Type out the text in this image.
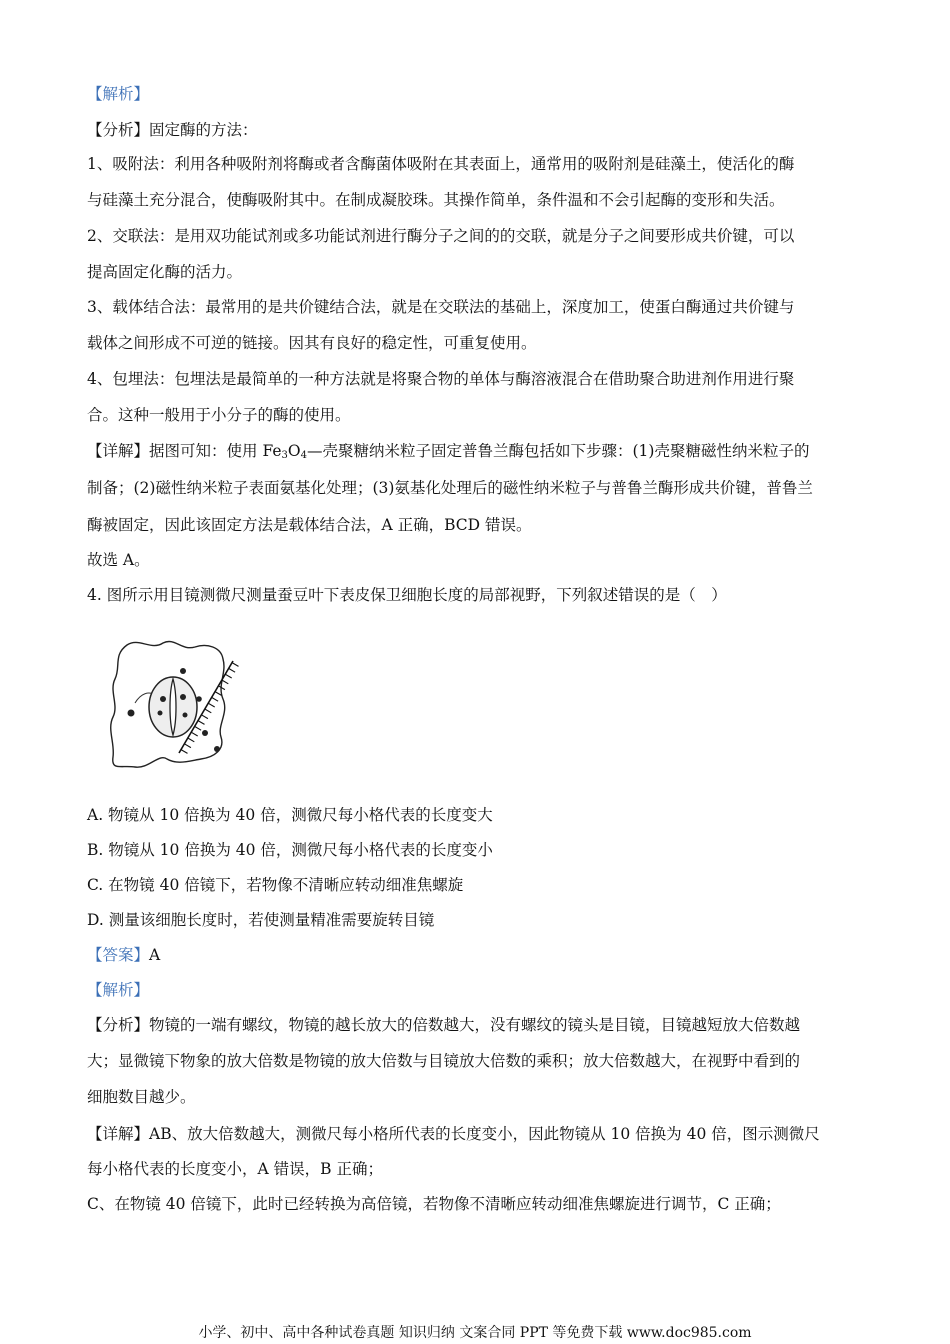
【解析】
【分析】固定酶的方法：
1、吸附法：利用各种吸附剂将酶或者含酶菌体吸附在其表面上，通常用的吸附剂是硅藻土，使活化的酶
与硅藻土充分混合，使酶吸附其中。在制成凝胶珠。其操作简单，条件温和不会引起酶的变形和失活。
2、交联法：是用双功能试剂或多功能试剂进行酶分子之间的的交联，就是分子之间要形成共价键，可以
提高固定化酶的活力。
3、载体结合法：最常用的是共价键结合法，就是在交联法的基础上，深度加工，使蛋白酶通过共价键与
载体之间形成不可逆的链接。因其有良好的稳定性，可重复使用。
4、包埋法：包埋法是最简单的一种方法就是将聚合物的单体与酶溶液混合在借助聚合助进剂作用进行聚
合。这种一般用于小分子的酶的使用。
【详解】据图可知：使用 $Fe_3O_4—$壳聚糖纳米粒子固定普鲁兰酶包括如下步骤：(1)壳聚糖磁性纳米粒子的
制备；(2)磁性纳米粒子表面氨基化处理；(3)氨基化处理后的磁性纳米粒子与普鲁兰酶形成共价键，普鲁兰
酶被固定，因此该固定方法是载体结合法，A 正确，BCD 错误。
故选 A。
4. 图所示用目镜测微尺测量蚕豆叶下表皮保卫细胞长度的局部视野，下列叙述错误的是（　）
A. 物镜从 10 倍换为 40 倍，测微尺每小格代表的长度变大
B. 物镜从 10 倍换为 40 倍，测微尺每小格代表的长度变小
C. 在物镜 40 倍镜下，若物像不清晰应转动细准焦螺旋
D. 测量该细胞长度时，若使测量精准需要旋转目镜
【答案】A
【解析】
【分析】物镜的一端有螺纹，物镜的越长放大的倍数越大，没有螺纹的镜头是目镜，目镜越短放大倍数越
大；显微镜下物象的放大倍数是物镜的放大倍数与目镜放大倍数的乘积；放大倍数越大，在视野中看到的
细胞数目越少。
【详解】AB、放大倍数越大，测微尺每小格所代表的长度变小，因此物镜从 10 倍换为 40 倍，图示测微尺
每小格代表的长度变小，A 错误，B 正确；
C、在物镜 40 倍镜下，此时已经转换为高倍镜，若物像不清晰应转动细准焦螺旋进行调节，C 正确；
小学、初中、高中各种试卷真题 知识归纳 文案合同 PPT 等免费下载 www.doc985.com
